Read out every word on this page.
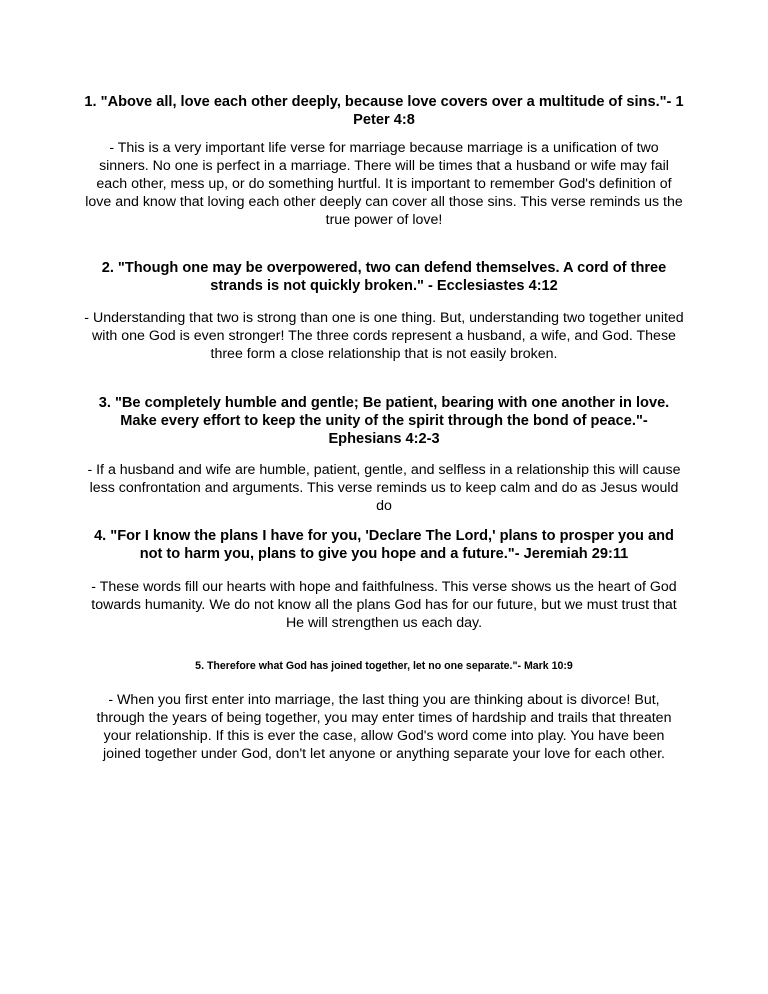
1. "Above all, love each other deeply, because love covers over a multitude of sins."- 1 Peter 4:8

- This is a very important life verse for marriage because marriage is a unification of two sinners. No one is perfect in a marriage. There will be times that a husband or wife may fail each other, mess up, or do something hurtful. It is important to remember God's definition of love and know that loving each other deeply can cover all those sins. This verse reminds us the true power of love!

2. "Though one may be overpowered, two can defend themselves. A cord of three strands is not quickly broken." - Ecclesiastes 4:12

- Understanding that two is strong than one is one thing. But, understanding two together united with one God is even stronger! The three cords represent a husband, a wife, and God. These three form a close relationship that is not easily broken.

3. "Be completely humble and gentle; Be patient, bearing with one another in love. Make every effort to keep the unity of the spirit through the bond of peace."- Ephesians 4:2-3

- If a husband and wife are humble, patient, gentle, and selfless in a relationship this will cause less confrontation and arguments. This verse reminds us to keep calm and do as Jesus would do

4. "For I know the plans I have for you, 'Declare The Lord,' plans to prosper you and not to harm you, plans to give you hope and a future."- Jeremiah 29:11

- These words fill our hearts with hope and faithfulness. This verse shows us the heart of God towards humanity. We do not know all the plans God has for our future, but we must trust that He will strengthen us each day.

5. Therefore what God has joined together, let no one separate."- Mark 10:9

- When you first enter into marriage, the last thing you are thinking about is divorce! But, through the years of being together, you may enter times of hardship and trails that threaten your relationship. If this is ever the case, allow God's word come into play. You have been joined together under God, don't let anyone or anything separate your love for each other.
